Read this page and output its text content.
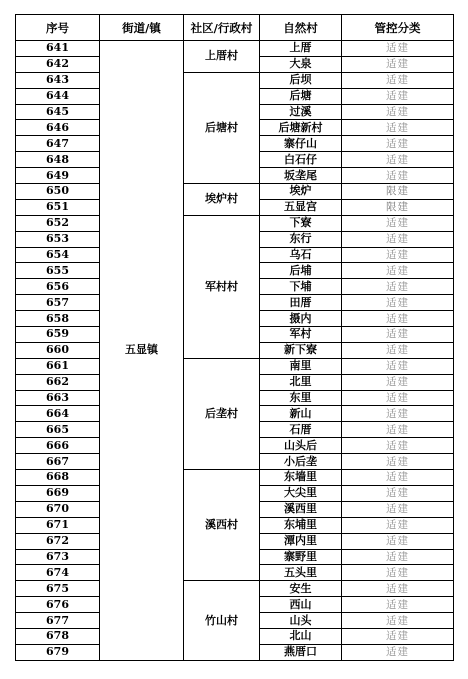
序号	街道/镇	社区/行政村	自然村	管控分类
641	五显镇	上厝村	上厝	适建
642			大泉	适建
643		后塘村	后坝	适建
644			后塘	适建
645			过溪	适建
646			后塘新村	适建
647			寨仔山	适建
648			白石仔	适建
649			坂垄尾	适建
650		埃炉村	埃炉	限建
651			五显宫	限建
652		军村村	下寮	适建
653			东行	适建
654			乌石	适建
655			后埔	适建
656			下埔	适建
657			田厝	适建
658			摄内	适建
659			军村	适建
660			新下寮	适建
661		后垄村	南里	适建
662			北里	适建
663			东里	适建
664			新山	适建
665			石厝	适建
666			山头后	适建
667			小后垄	适建
668		溪西村	东墙里	适建
669			大尖里	适建
670			溪西里	适建
671			东埔里	适建
672			潭内里	适建
673			寨野里	适建
674			五头里	适建
675		竹山村	安生	适建
676			西山	适建
677			山头	适建
678			北山	适建
679			燕厝口	适建
